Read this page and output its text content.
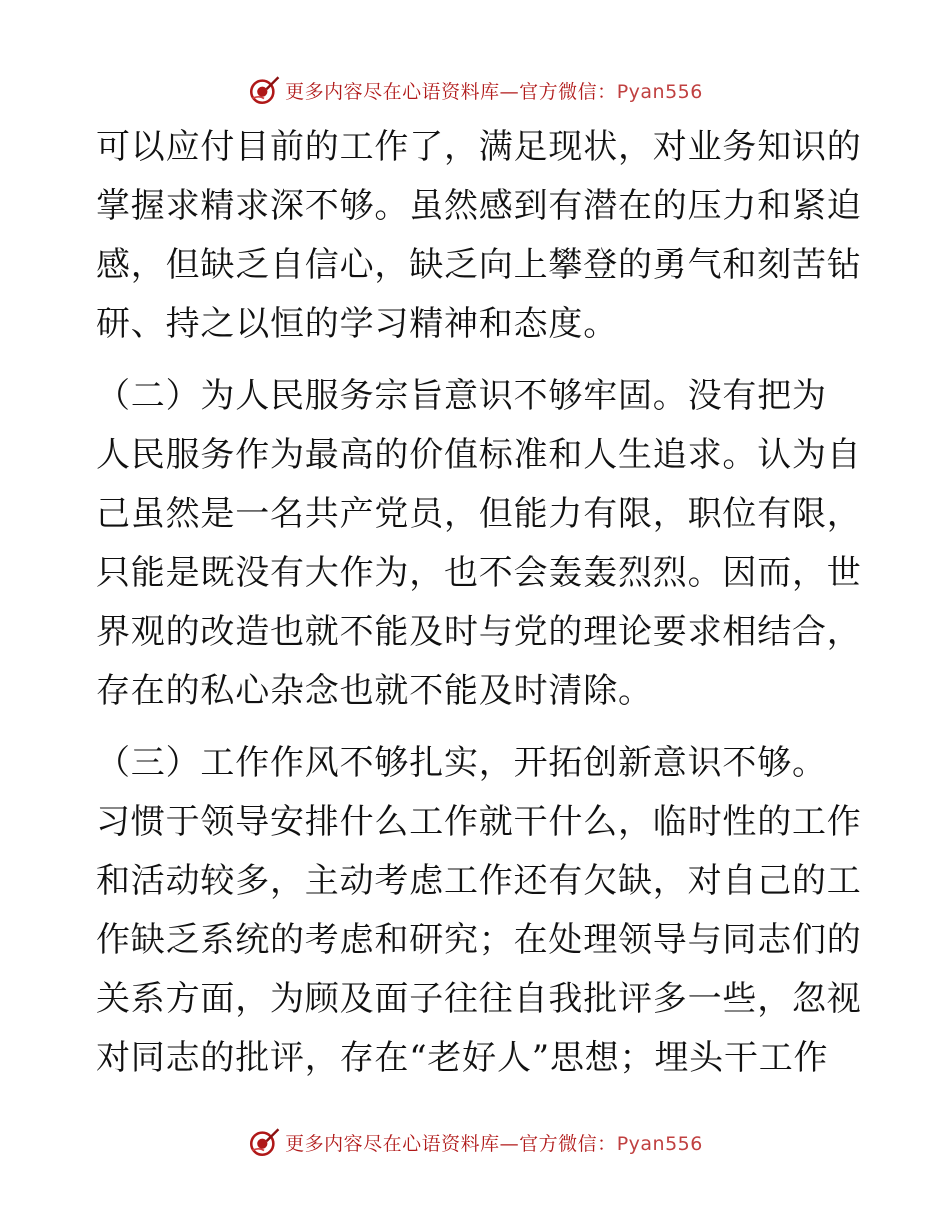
更多内容尽在心语资料库—官方微信：Pyan556
可以应付目前的工作了，满足现状，对业务知识的
掌握求精求深不够。虽然感到有潜在的压力和紧迫
感，但缺乏自信心，缺乏向上攀登的勇气和刻苦钻
研、持之以恒的学习精神和态度。
（二）为人民服务宗旨意识不够牢固。没有把为
人民服务作为最高的价值标准和人生追求。认为自
己虽然是一名共产党员，但能力有限，职位有限，
只能是既没有大作为，也不会轰轰烈烈。因而，世
界观的改造也就不能及时与党的理论要求相结合，
存在的私心杂念也就不能及时清除。
（三）工作作风不够扎实，开拓创新意识不够。
习惯于领导安排什么工作就干什么，临时性的工作
和活动较多，主动考虑工作还有欠缺，对自己的工
作缺乏系统的考虑和研究；在处理领导与同志们的
关系方面，为顾及面子往往自我批评多一些，忽视
对同志的批评，存在“老好人”思想；埋头干工作
更多内容尽在心语资料库—官方微信：Pyan556
